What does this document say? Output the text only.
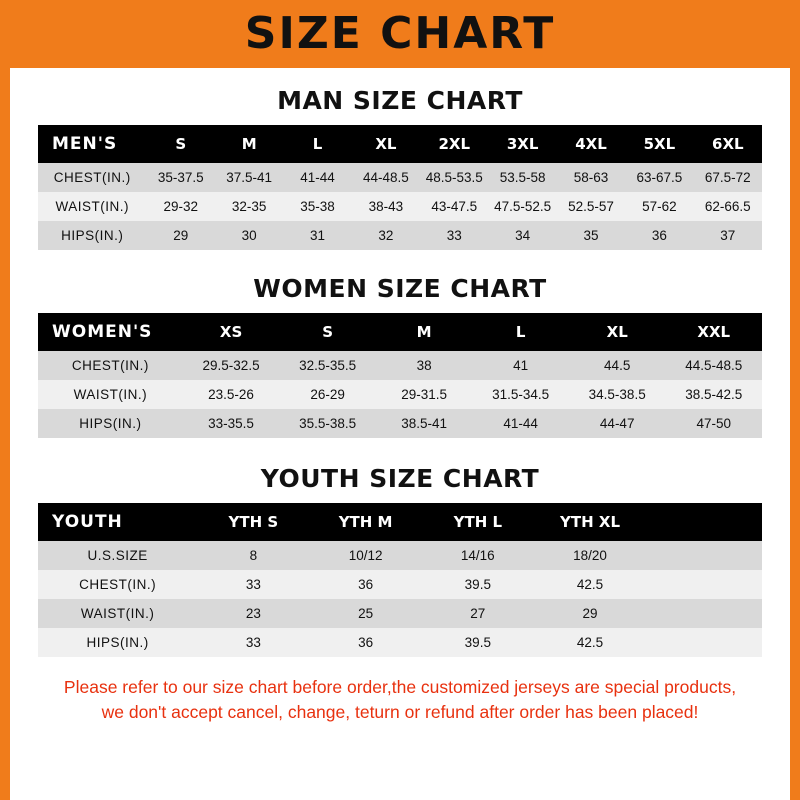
SIZE CHART
MAN SIZE CHART
MEN'S	S	M	L	XL	2XL	3XL	4XL	5XL	6XL
CHEST(IN.)	35-37.5	37.5-41	41-44	44-48.5	48.5-53.5	53.5-58	58-63	63-67.5	67.5-72
WAIST(IN.)	29-32	32-35	35-38	38-43	43-47.5	47.5-52.5	52.5-57	57-62	62-66.5
HIPS(IN.)	29	30	31	32	33	34	35	36	37
WOMEN SIZE CHART
WOMEN'S	XS	S	M	L	XL	XXL
CHEST(IN.)	29.5-32.5	32.5-35.5	38	41	44.5	44.5-48.5
WAIST(IN.)	23.5-26	26-29	29-31.5	31.5-34.5	34.5-38.5	38.5-42.5
HIPS(IN.)	33-35.5	35.5-38.5	38.5-41	41-44	44-47	47-50
YOUTH SIZE CHART
YOUTH	YTH S	YTH M	YTH L	YTH XL		
U.S.SIZE	8	10/12	14/16	18/20		
CHEST(IN.)	33	36	39.5	42.5		
WAIST(IN.)	23	25	27	29		
HIPS(IN.)	33	36	39.5	42.5		
Please refer to our size chart before order,the customized jerseys are special products,
we don't accept cancel, change, teturn or refund after order has been placed!
